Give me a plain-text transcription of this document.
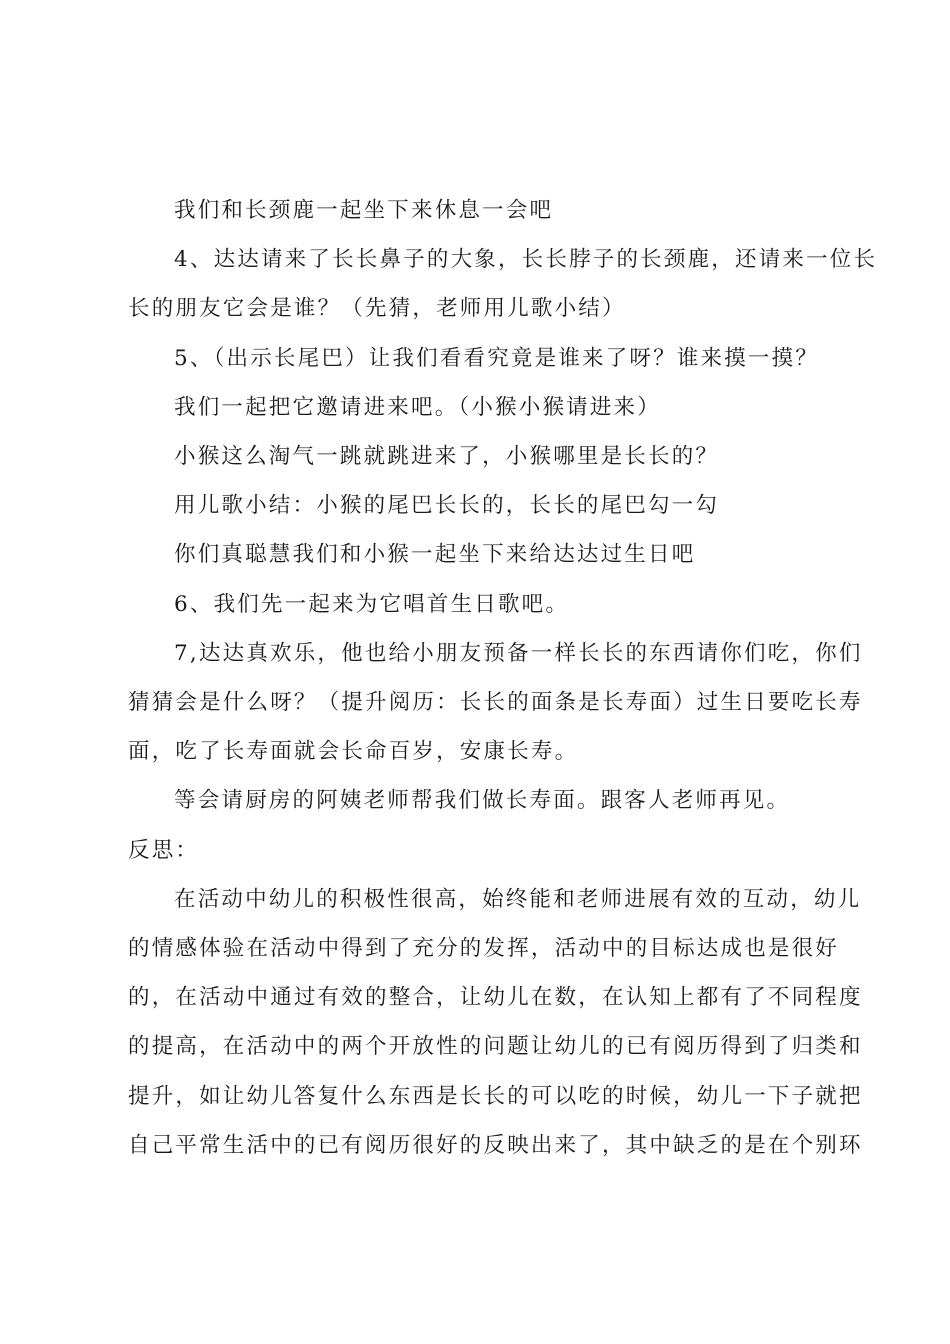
我们和长颈鹿一起坐下来休息一会吧

4、达达请来了长长鼻子的大象，长长脖子的长颈鹿，还请来一位长
长的朋友它会是谁？（先猜，老师用儿歌小结）

5、（出示长尾巴）让我们看看究竟是谁来了呀？谁来摸一摸？

我们一起把它邀请进来吧。（小猴小猴请进来）

小猴这么淘气一跳就跳进来了，小猴哪里是长长的？

用儿歌小结：小猴的尾巴长长的，长长的尾巴勾一勾

你们真聪慧我们和小猴一起坐下来给达达过生日吧

6、我们先一起来为它唱首生日歌吧。

7,达达真欢乐，他也给小朋友预备一样长长的东西请你们吃，你们
猜猜会是什么呀？（提升阅历：长长的面条是长寿面）过生日要吃长寿
面，吃了长寿面就会长命百岁，安康长寿。

等会请厨房的阿姨老师帮我们做长寿面。跟客人老师再见。

反思：

在活动中幼儿的积极性很高，始终能和老师进展有效的互动，幼儿
的情感体验在活动中得到了充分的发挥，活动中的目标达成也是很好
的，在活动中通过有效的整合，让幼儿在数，在认知上都有了不同程度
的提高，在活动中的两个开放性的问题让幼儿的已有阅历得到了归类和
提升，如让幼儿答复什么东西是长长的可以吃的时候，幼儿一下子就把
自己平常生活中的已有阅历很好的反映出来了，其中缺乏的是在个别环
